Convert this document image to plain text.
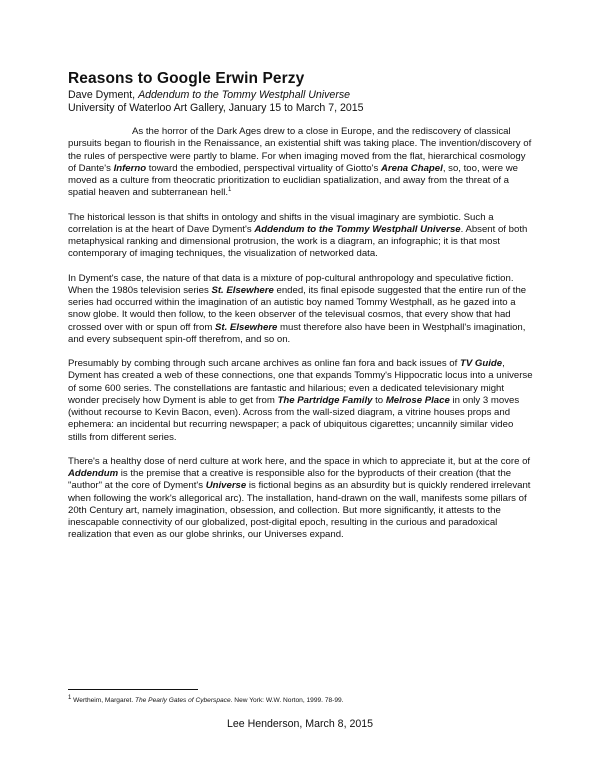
Reasons to Google Erwin Perzy
Dave Dyment, Addendum to the Tommy Westphall Universe
University of Waterloo Art Gallery, January 15 to March 7, 2015

As the horror of the Dark Ages drew to a close in Europe, and the rediscovery of classical pursuits began to flourish in the Renaissance, an existential shift was taking place. The invention/discovery of the rules of perspective were partly to blame. For when imaging moved from the flat, hierarchical cosmology of Dante's Inferno toward the embodied, perspectival virtuality of Giotto's Arena Chapel, so, too, were we moved as a culture from theocratic prioritization to euclidian spatialization, and away from the threat of a spatial heaven and subterranean hell.$^1$

The historical lesson is that shifts in ontology and shifts in the visual imaginary are symbiotic. Such a correlation is at the heart of Dave Dyment's Addendum to the Tommy Westphall Universe. Absent of both metaphysical ranking and dimensional protrusion, the work is a diagram, an infographic; it is that most contemporary of imaging techniques, the visualization of networked data.

In Dyment's case, the nature of that data is a mixture of pop-cultural anthropology and speculative fiction. When the 1980s television series St. Elsewhere ended, its final episode suggested that the entire run of the series had occurred within the imagination of an autistic boy named Tommy Westphall, as he gazed into a snow globe. It would then follow, to the keen observer of the televisual cosmos, that every show that had crossed over with or spun off from St. Elsewhere must therefore also have been in Westphall's imagination, and every subsequent spin-off therefrom, and so on.

Presumably by combing through such arcane archives as online fan fora and back issues of TV Guide, Dyment has created a web of these connections, one that expands Tommy's Hippocratic locus into a universe of some 600 series. The constellations are fantastic and hilarious; even a dedicated televisionary might wonder precisely how Dyment is able to get from The Partridge Family to Melrose Place in only 3 moves (without recourse to Kevin Bacon, even). Across from the wall-sized diagram, a vitrine houses props and ephemera: an incidental but recurring newspaper; a pack of ubiquitous cigarettes; uncannily similar video stills from different series.

There's a healthy dose of nerd culture at work here, and the space in which to appreciate it, but at the core of Addendum is the premise that a creative is responsible also for the byproducts of their creation (that the "author" at the core of Dyment's Universe is fictional begins as an absurdity but is quickly rendered irrelevant when following the work's allegorical arc). The installation, hand-drawn on the wall, manifests some pillars of 20th Century art, namely imagination, obsession, and collection. But more significantly, it attests to the inescapable connectivity of our globalized, post-digital epoch, resulting in the curious and paradoxical realization that even as our globe shrinks, our Universes expand.

$^1$ Wertheim, Margaret. The Pearly Gates of Cyberspace. New York: W.W. Norton, 1999. 78-99.
Lee Henderson, March 8, 2015
